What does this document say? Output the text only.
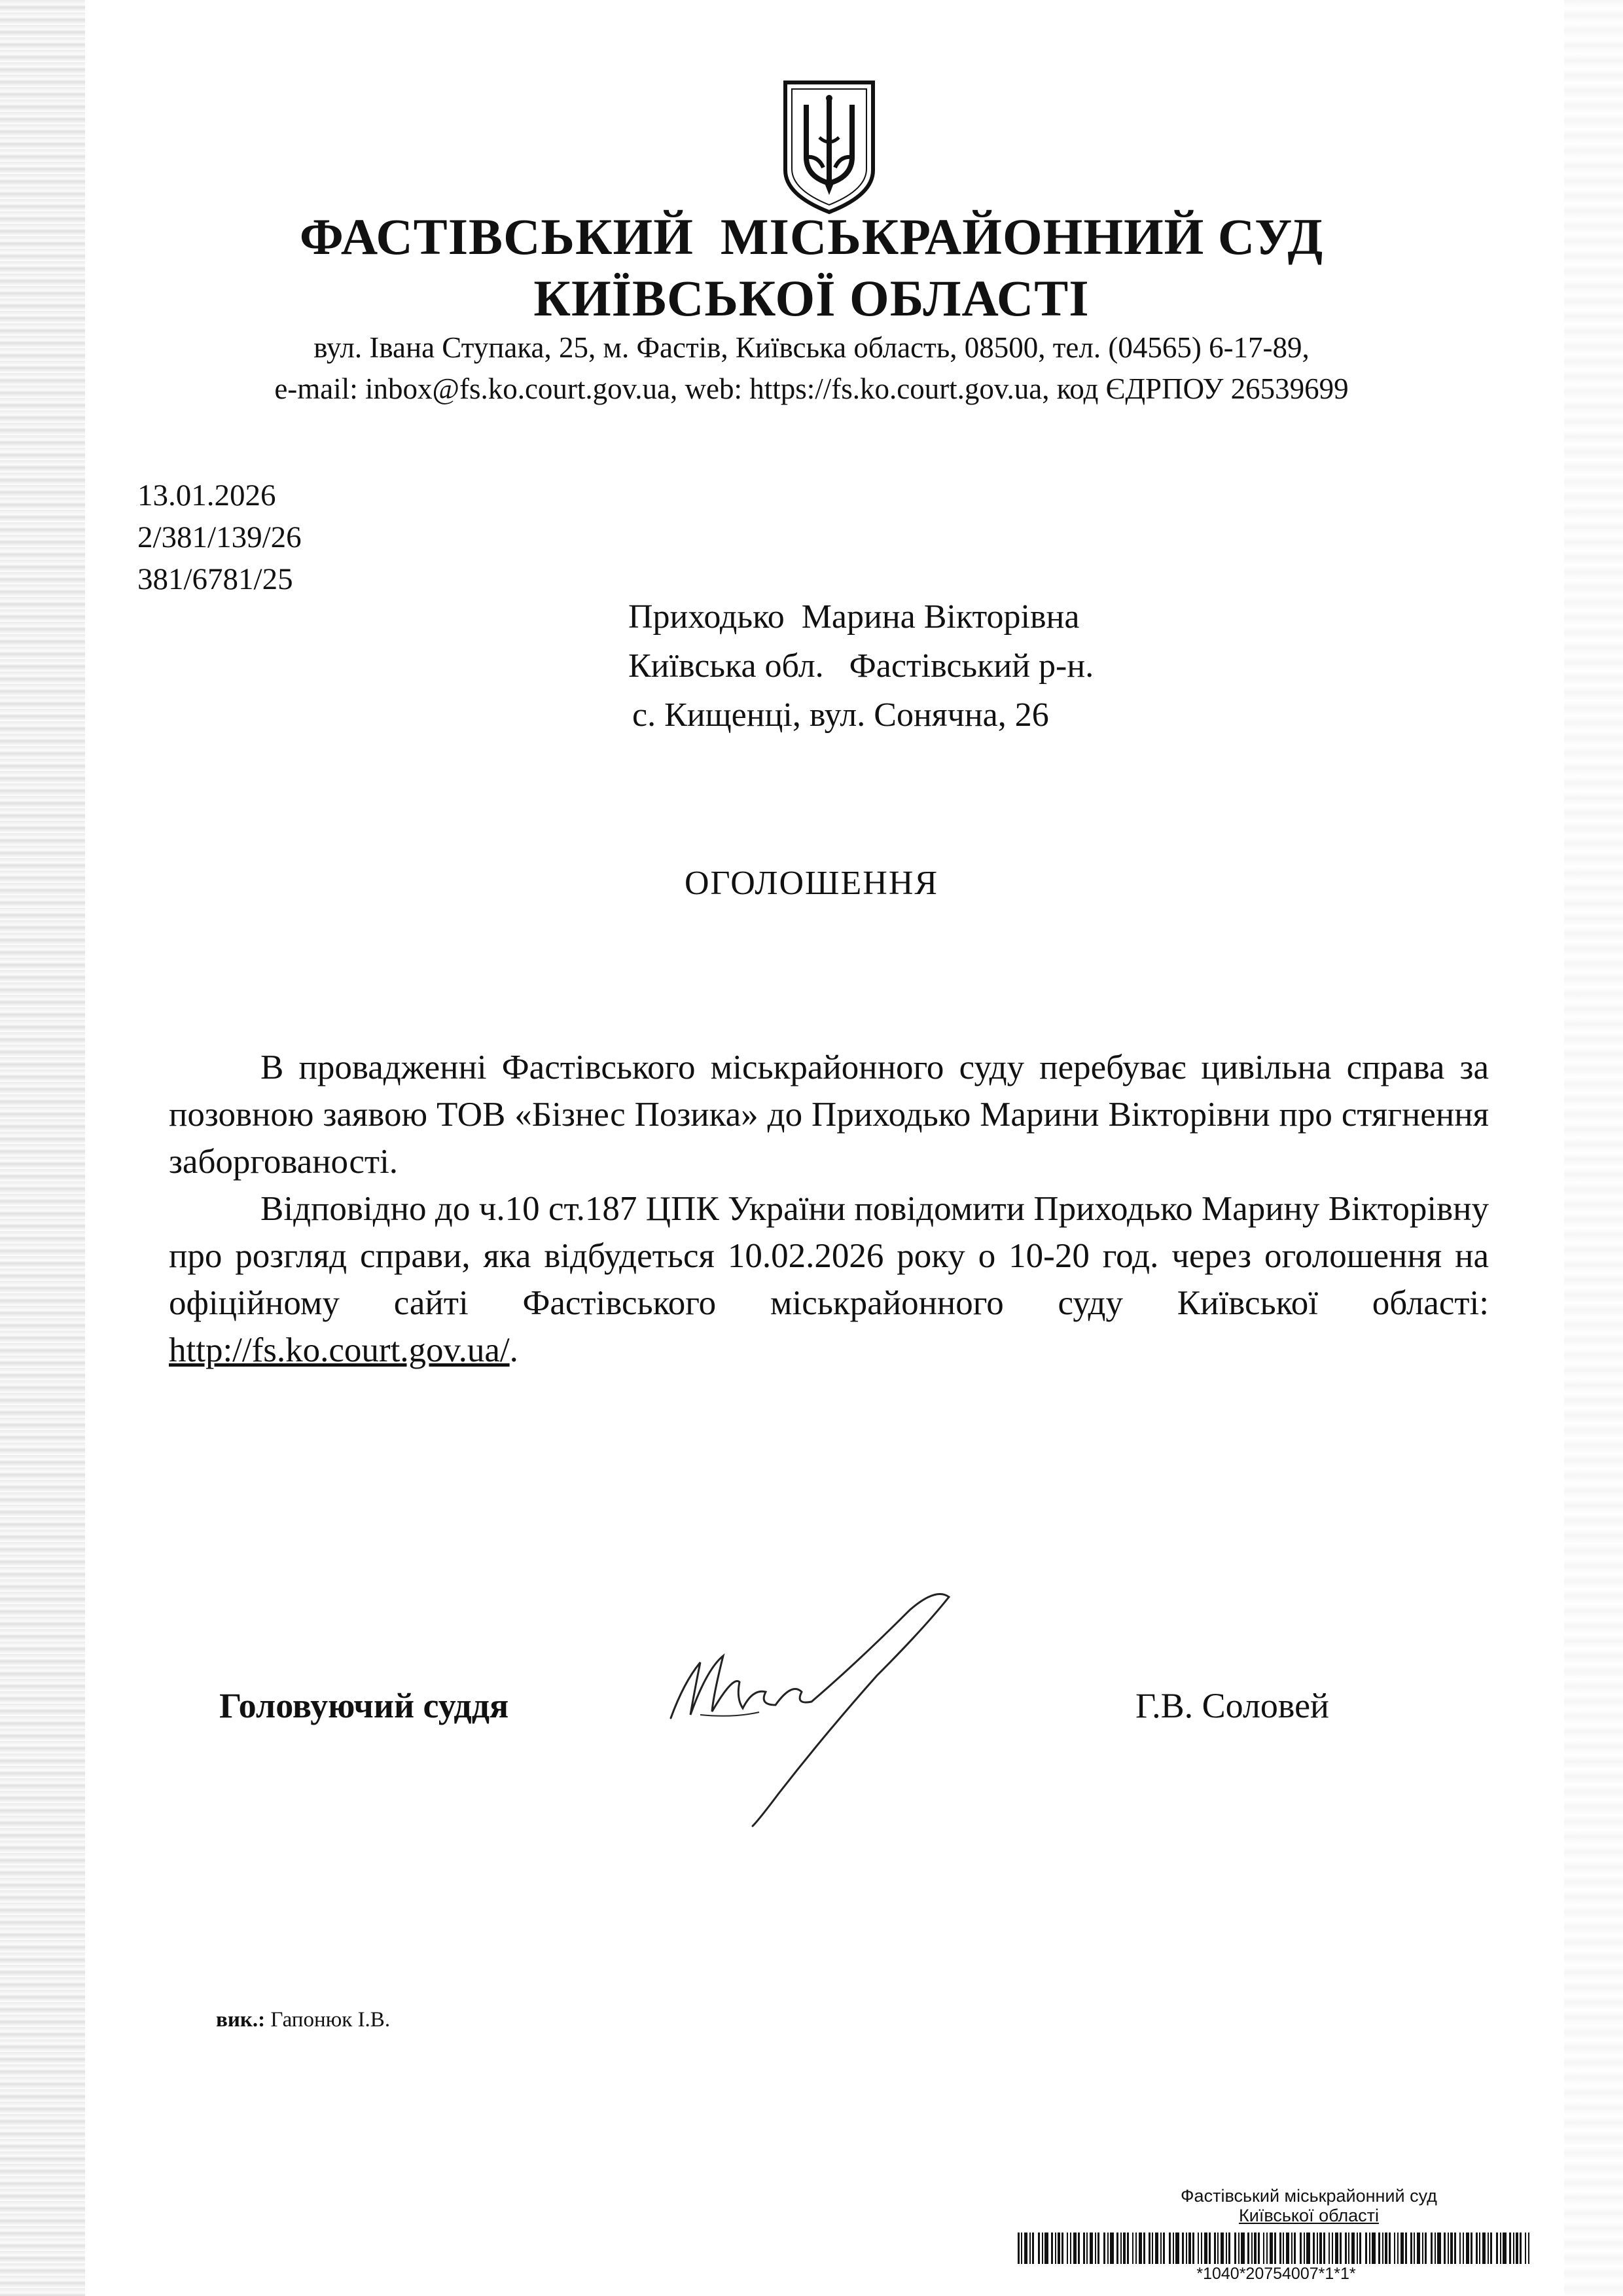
ФАСТІВСЬКИЙ  МІСЬКРАЙОННИЙ СУД
КИЇВСЬКОЇ ОБЛАСТІ
вул. Івана Ступака, 25, м. Фастів, Київська область, 08500, тел. (04565) 6-17-89,
e-mail: inbox@fs.ko.court.gov.ua, web: https://fs.ko.court.gov.ua, код ЄДРПОУ 26539699
13.01.2026
2/381/139/26
381/6781/25
Приходько  Марина Вікторівна
Київська обл.   Фастівський р-н.
с. Кищенці, вул. Сонячна, 26
ОГОЛОШЕННЯ

В провадженні Фастівського міськрайонного суду перебуває цивільна справа за позовною заявою ТОВ «Бізнес Позика» до Приходько Марини Вікторівни про стягнення заборгованості.

Відповідно до ч.10 ст.187 ЦПК України повідомити Приходько Марину Вікторівну про розгляд справи, яка відбудеться 10.02.2026 року о 10-20 год. через оголошення на офіційному сайті Фастівського міськрайонного суду Київської області: http://fs.ko.court.gov.ua/.

Головуючий суддя	Г.В. Соловей
вик.: Гапонюк І.В.
Фастівський міськрайонний суд
Київської області
*1040*20754007*1*1*
